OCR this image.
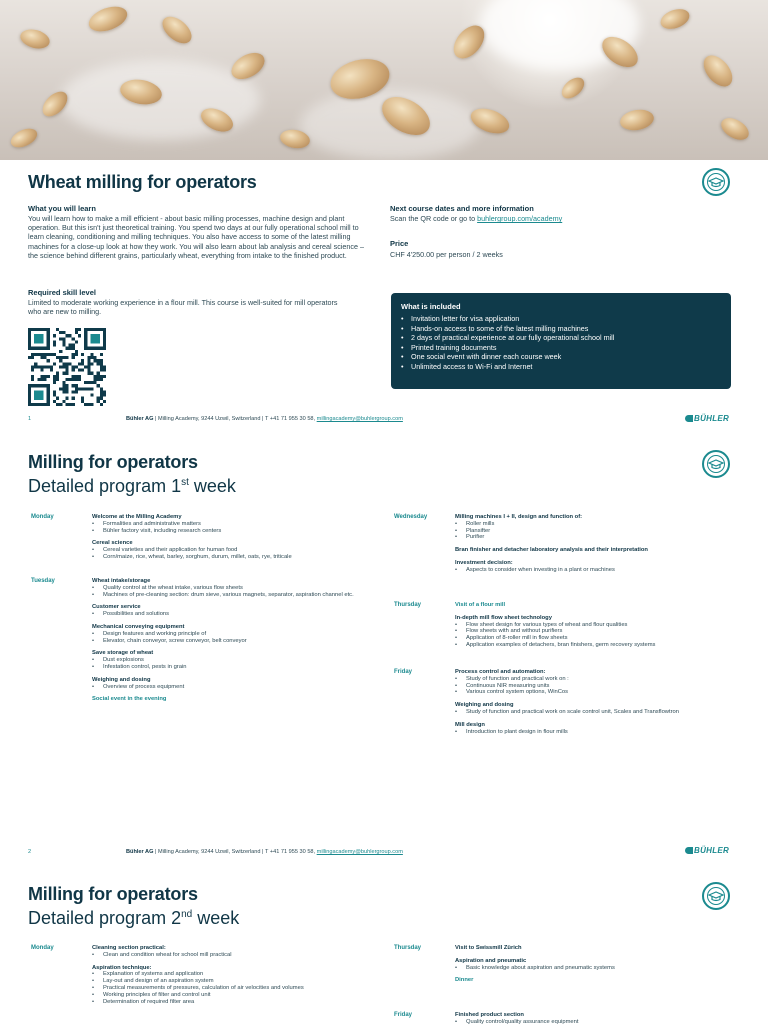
Wheat milling for operators
What you will learn
You will learn how to make a mill efficient - about basic milling processes, machine design and plant operation. But this isn't just theoretical training. You spend two days at our fully operational school mill to learn cleaning, conditioning and milling techniques. You also have access to some of the latest milling machines for a close-up look at how they work. You will also learn about lab analysis and cereal science – the science behind different grains, particularly wheat, everything from intake to the finished product.
Required skill level
Limited to moderate working experience in a flour mill. This course is well-suited for mill operators who are new to milling.
Next course dates and more information
Scan the QR code or go to buhlergroup.com/academy
Price
CHF 4'250.00 per person / 2 weeks
What is included
• Invitation letter for visa application
• Hands-on access to some of the latest milling machines
• 2 days of practical experience at our fully operational school mill
• Printed training documents
• One social event with dinner each course week
• Unlimited access to Wi-Fi and Internet
1	Bühler AG | Milling Academy, 9244 Uzwil, Switzerland | T +41 71 955 30 58, millingacademy@buhlergroup.com	BÜHLER
Milling for operators
Detailed program 1st week
Monday	Welcome at the Milling Academy
• Formalities and administrative matters
• Bühler factory visit, including research centers
Cereal science
• Cereal varieties and their application for human food
• Corn/maize, rice, wheat, barley, sorghum, durum, millet, oats, rye, triticale
Tuesday	Wheat intake/storage
• Quality control at the wheat intake, various flow sheets
• Machines of pre-cleaning section: drum sieve, various magnets, separator, aspiration channel etc.
Customer service
• Possibilities and solutions
Mechanical conveying equipment
• Design features and working principle of
• Elevator, chain conveyor, screw conveyor, belt conveyor
Save storage of wheat
• Dust explosions
• Infestation control, pests in grain
Weighing and dosing
• Overview of process equipment
Social event in the evening
Wednesday	Milling machines I + II, design and function of:
• Roller mills
• Plansifter
• Purifier
Bran finisher and detacher laboratory analysis and their interpretation
Investment decision:
• Aspects to consider when investing in a plant or machines
Thursday	Visit of a flour mill
In-depth mill flow sheet technology
• Flow sheet design for various types of wheat and flour qualities
• Flow sheets with and without purifiers
• Application of 8-roller mill in flow sheets
• Application examples of detachers, bran finishers, germ recovery systems
Friday	Process control and automation:
• Study of function and practical work on :
• Continuous NIR measuring units
• Various control system options, WinCos
Weighing and dosing
• Study of function and practical work on scale control unit, Scales and Transflowtron
Mill design
• Introduction to plant design in flour mills
2	Bühler AG | Milling Academy, 9244 Uzwil, Switzerland | T +41 71 955 30 58, millingacademy@buhlergroup.com	BÜHLER
Milling for operators
Detailed program 2nd week
Monday	Cleaning section practical:
• Clean and condition wheat for school mill practical
Aspiration technique:
• Explanation of systems and application
• Lay-out and design of an aspiration system
• Practical measurements of pressures, calculation of air velocities and volumes
• Working principles of filter and control unit
• Determination of required filter area
Thursday	Visit to Swissmill Zürich
Aspiration and pneumatic
• Basic knowledge about aspiration and pneumatic systems
Dinner
Friday	Finished product section
• Quality control/quality assurance equipment
